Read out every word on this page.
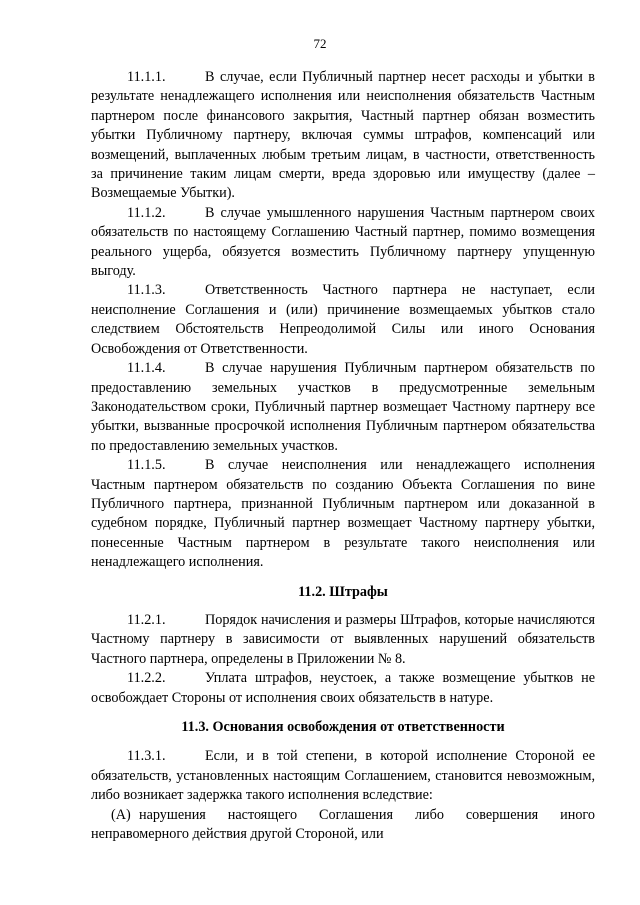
72

11.1.1.	В случае, если Публичный партнер несет расходы и убытки в результате ненадлежащего исполнения или неисполнения обязательств Частным партнером после финансового закрытия, Частный партнер обязан возместить убытки Публичному партнеру, включая суммы штрафов, компенсаций или возмещений, выплаченных любым третьим лицам, в частности, ответственность за причинение таким лицам смерти, вреда здоровью или имуществу (далее – Возмещаемые Убытки).

11.1.2.	В случае умышленного нарушения Частным партнером своих обязательств по настоящему Соглашению Частный партнер, помимо возмещения реального ущерба, обязуется возместить Публичному партнеру упущенную выгоду.

11.1.3.	Ответственность Частного партнера не наступает, если неисполнение Соглашения и (или) причинение возмещаемых убытков стало следствием Обстоятельств Непреодолимой Силы или иного Основания Освобождения от Ответственности.

11.1.4.	В случае нарушения Публичным партнером обязательств по предоставлению земельных участков в предусмотренные земельным Законодательством сроки, Публичный партнер возмещает Частному партнеру все убытки, вызванные просрочкой исполнения Публичным партнером обязательства по предоставлению земельных участков.

11.1.5.	В случае неисполнения или ненадлежащего исполнения Частным партнером обязательств по созданию Объекта Соглашения по вине Публичного партнера, признанной Публичным партнером или доказанной в судебном порядке, Публичный партнер возмещает Частному партнеру убытки, понесенные Частным партнером в результате такого неисполнения или ненадлежащего исполнения.

11.2. Штрафы

11.2.1.	Порядок начисления и размеры Штрафов, которые начисляются Частному партнеру в зависимости от выявленных нарушений обязательств Частного партнера, определены в Приложении № 8.

11.2.2.	Уплата штрафов, неустоек, а также возмещение убытков не освобождает Стороны от исполнения своих обязательств в натуре.

11.3. Основания освобождения от ответственности

11.3.1.	Если, и в той степени, в которой исполнение Стороной ее обязательств, установленных настоящим Соглашением, становится невозможным, либо возникает задержка такого исполнения вследствие:

(А) нарушения настоящего Соглашения либо совершения иного неправомерного действия другой Стороной, или
